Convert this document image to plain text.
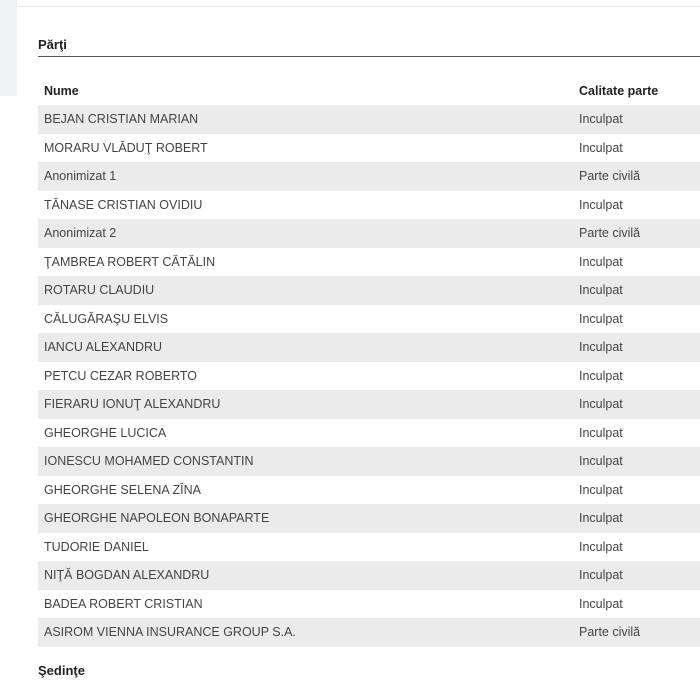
Părţi
Nume	Calitate parte
BEJAN CRISTIAN MARIAN	Inculpat
MORARU VLĂDUŢ ROBERT	Inculpat
Anonimizat 1	Parte civilă
TĂNASE CRISTIAN OVIDIU	Inculpat
Anonimizat 2	Parte civilă
ŢAMBREA ROBERT CĂTĂLIN	Inculpat
ROTARU CLAUDIU	Inculpat
CĂLUGĂRAŞU ELVIS	Inculpat
IANCU ALEXANDRU	Inculpat
PETCU CEZAR ROBERTO	Inculpat
FIERARU IONUŢ ALEXANDRU	Inculpat
GHEORGHE LUCICA	Inculpat
IONESCU MOHAMED CONSTANTIN	Inculpat
GHEORGHE SELENA ZÎNA	Inculpat
GHEORGHE NAPOLEON BONAPARTE	Inculpat
TUDORIE DANIEL	Inculpat
NIŢĂ BOGDAN ALEXANDRU	Inculpat
BADEA ROBERT CRISTIAN	Inculpat
ASIROM VIENNA INSURANCE GROUP S.A.	Parte civilă
Şedinţe
